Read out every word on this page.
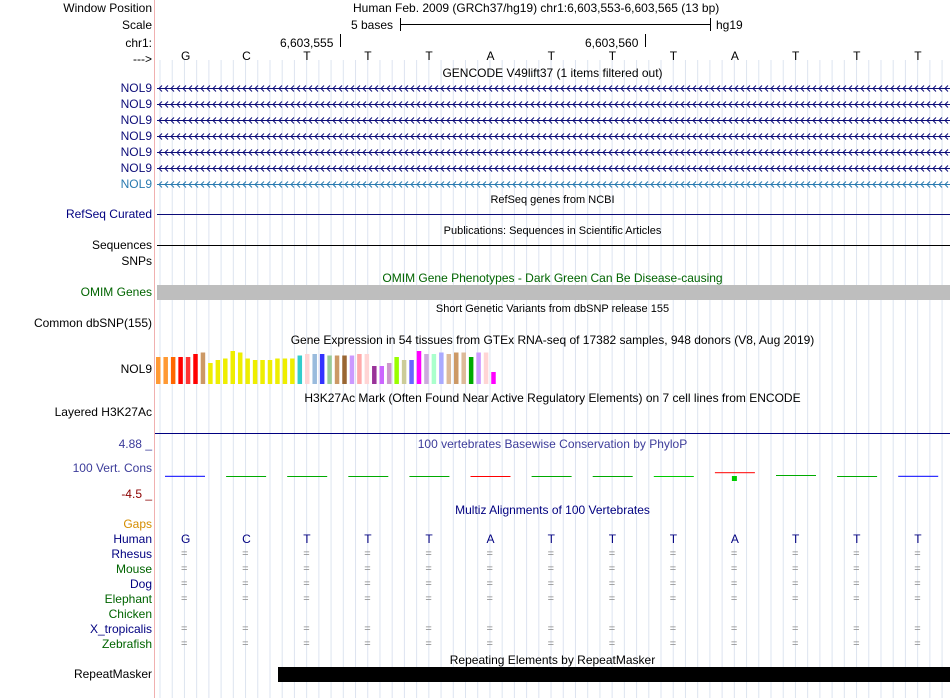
Window Position
Scale
chr1:
--->
Human Feb. 2009 (GRCh37/hg19) chr1:6,603,553-6,603,565 (13 bp)
5 bases	hg19
6,603,555	6,603,560
G	C	T	T	T	A	T	T	T	A	T	T	T
GENCODE V49lift37 (1 items filtered out)
NOL9
NOL9
NOL9
NOL9
NOL9
NOL9
NOL9
RefSeq genes from NCBI
RefSeq Curated
Publications: Sequences in Scientific Articles
Sequences
SNPs
OMIM Gene Phenotypes - Dark Green Can Be Disease-causing
OMIM Genes
Short Genetic Variants from dbSNP release 155
Common dbSNP(155)
Gene Expression in 54 tissues from GTEx RNA-seq of 17382 samples, 948 donors (V8, Aug 2019)
NOL9
H3K27Ac Mark (Often Found Near Active Regulatory Elements) on 7 cell lines from ENCODE
Layered H3K27Ac
100 vertebrates Basewise Conservation by PhyloP
4.88 _
100 Vert. Cons
-4.5 _
Multiz Alignments of 100 Vertebrates
Gaps
Human G	C	T	T	T	A	T	T	T	A	T	T	T
Rhesus	=	=	=	=	=	=	=	=	=	=	=	=	=
Mouse	=	=	=	=	=	=	=	=	=	=	=	=	=
Dog	=	=	=	=	=	=	=	=	=	=	=	=	=
Elephant	=	=	=	=	=	=	=	=	=	=	=	=	=
Chicken
X_tropicalis	=	=	=	=	=	=	=	=	=	=	=	=	=
Zebrafish	=	=	=	=	=	=	=	=	=	=	=	=	=
Repeating Elements by RepeatMasker
RepeatMasker
